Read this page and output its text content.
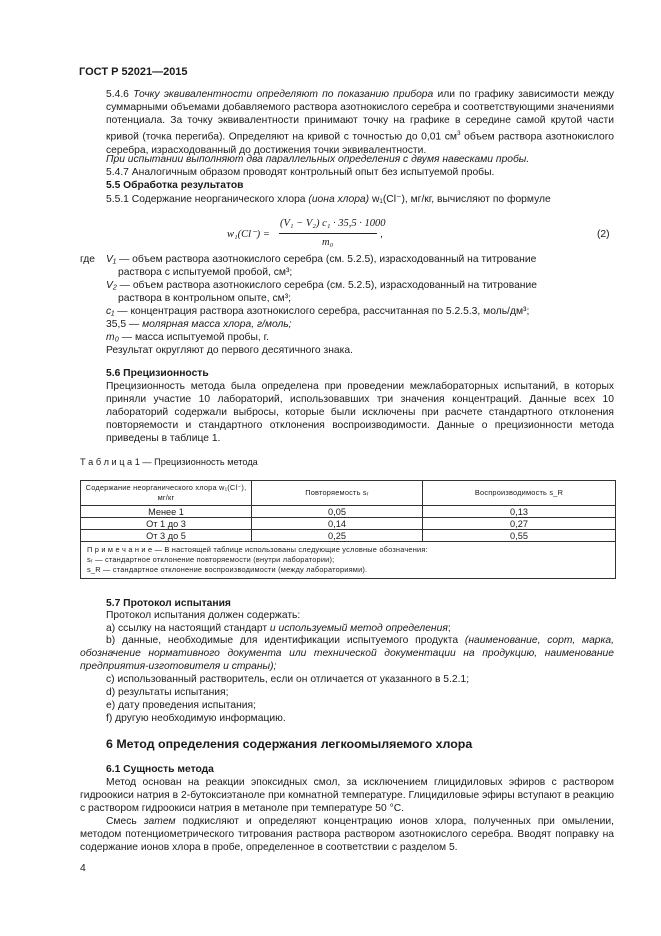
ГОСТ Р 52021—2015
5.4.6 Точку эквивалентности определяют по показанию прибора или по графику зависимости между суммарными объемами добавляемого раствора азотнокислого серебра и соответствующими значениями потенциала. За точку эквивалентности принимают точку на графике в середине самой крутой части кривой (точка перегиба). Определяют на кривой с точностью до 0,01 $см^3$ объем раствора азотнокислого серебра, израсходованный до достижения точки эквивалентности.
При испытании выполняют два параллельных определения с двумя навесками пробы.
5.4.7 Аналогичным образом проводят контрольный опыт без испытуемой пробы.
5.5 Обработка результатов
5.5.1 Содержание неорганического хлора (иона хлора) w₁(Cl⁻), мг/кг, вычисляют по формуле
w₁(Cl⁻) =
(V₁ − V₂) c₁ · 35,5 · 1000
m₀
,	(2)
где V₁ — объем раствора азотнокислого серебра (см. 5.2.5), израсходованный на титрование
раствора с испытуемой пробой, см³;
V₂ — объем раствора азотнокислого серебра (см. 5.2.5), израсходованный на титрование
раствора в контрольном опыте, см³;
c₁ — концентрация раствора азотнокислого серебра, рассчитанная по 5.2.5.3, моль/дм³;
35,5 — молярная масса хлора, г/моль;
m₀ — масса испытуемой пробы, г.
Результат округляют до первого десятичного знака.
5.6 Прецизионность
Прецизионность метода была определена при проведении межлабораторных испытаний, в которых приняли участие 10 лабораторий, использовавших три значения концентраций. Данные всех 10 лабораторий содержали выбросы, которые были исключены при расчете стандартного отклонения повторяемости и стандартного отклонения воспроизводимости. Данные о прецизионности метода приведены в таблице 1.
Т а б л и ц а 1 — Прецизионность метода
Содержание неорганического хлора w₁(Cl⁻), мг/кг	Повторяемость sᵣ	Воспроизводимость s_R
Менее 1	0,05	0,13
От 1 до 3	0,14	0,27
От 3 до 5	0,25	0,55

П р и м е ч а н и е — В настоящей таблице использованы следующие условные обозначения:
sᵣ — стандартное отклонение повторяемости (внутри лаборатории);
s_R — стандартное отклонение воспроизводимости (между лабораториями).		
5.7 Протокол испытания
Протокол испытания должен содержать:
а) ссылку на настоящий стандарт и используемый метод определения;
b) данные, необходимые для идентификации испытуемого продукта (наименование, сорт, марка, обозначение нормативного документа или технической документации на продукцию, наименование предприятия-изготовителя и страны);
c) использованный растворитель, если он отличается от указанного в 5.2.1;
d) результаты испытания;
e) дату проведения испытания;
f) другую необходимую информацию.
6 Метод определения содержания легкоомыляемого хлора
6.1 Сущность метода
Метод основан на реакции эпоксидных смол, за исключением глицидиловых эфиров с раствором гидроокиси натрия в 2-бутоксиэтаноле при комнатной температуре. Глицидиловые эфиры вступают в реакцию с раствором гидроокиси натрия в метаноле при температуре 50 °С.
Смесь затем подкисляют и определяют концентрацию ионов хлора, полученных при омылении, методом потенциометрического титрования раствора раствором азотнокислого серебра. Вводят поправку на содержание ионов хлора в пробе, определенное в соответствии с разделом 5.
4
